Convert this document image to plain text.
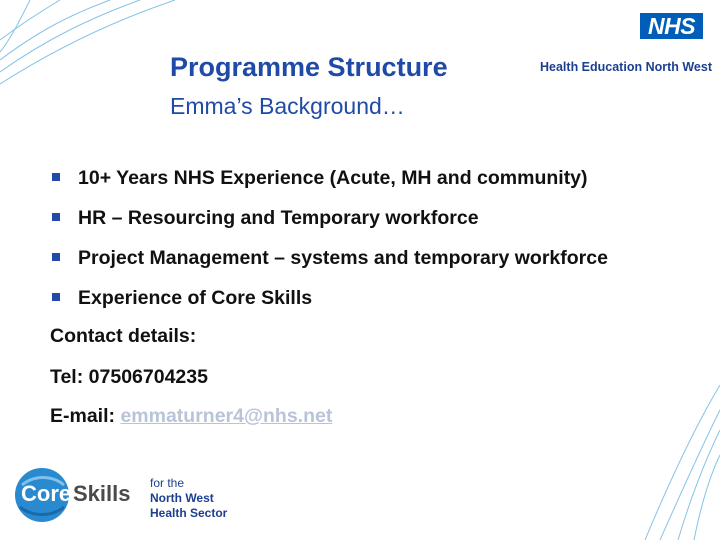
NHS
Health Education North West
Programme Structure
Emma’s Background…
10+ Years NHS Experience (Acute, MH and community)
HR – Resourcing and Temporary workforce
Project Management – systems and temporary workforce
Experience of Core Skills
Contact details:
Tel: 07506704235
E-mail: emmaturner4@nhs.net
Core Skills for the
North West
Health Sector
